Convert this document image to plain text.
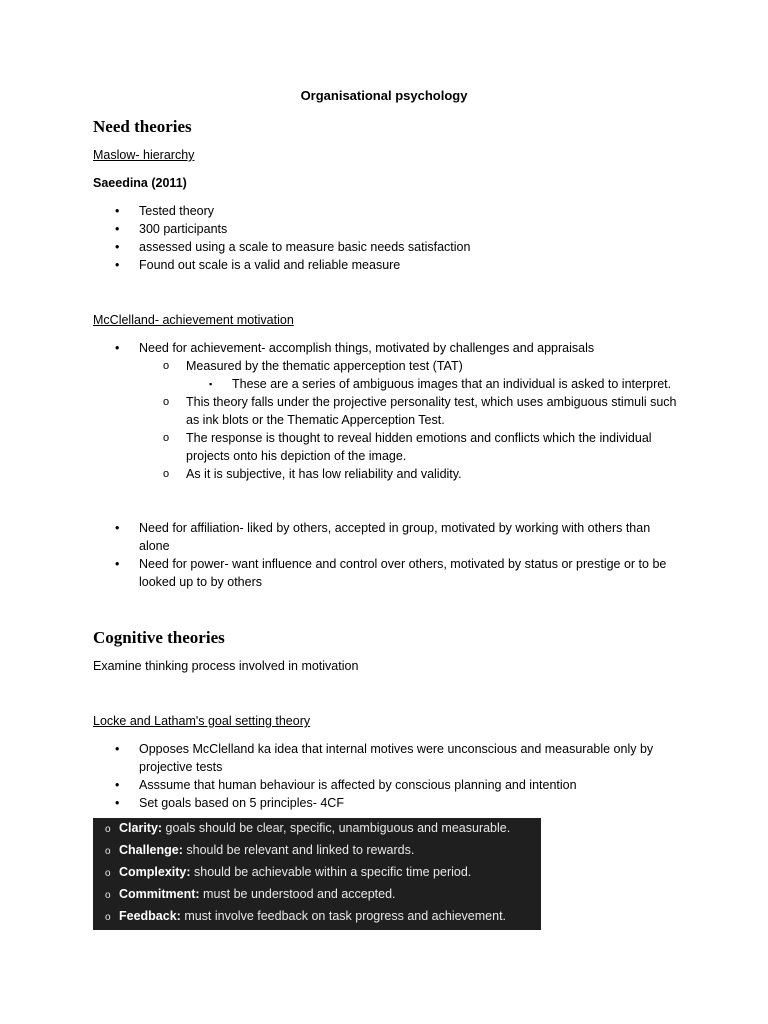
Organisational psychology
Need theories
Maslow- hierarchy
Saeedina (2011)
• Tested theory
• 300 participants
• assessed using a scale to measure basic needs satisfaction
• Found out scale is a valid and reliable measure
McClelland- achievement motivation
• Need for achievement- accomplish things, motivated by challenges and appraisals
o Measured by the thematic apperception test (TAT)
▪ These are a series of ambiguous images that an individual is asked to interpret.
o This theory falls under the projective personality test, which uses ambiguous stimuli such as ink blots or the Thematic Apperception Test.
o The response is thought to reveal hidden emotions and conflicts which the individual projects onto his depiction of the image.
o As it is subjective, it has low reliability and validity.
• Need for affiliation- liked by others, accepted in group, motivated by working with others than alone
• Need for power- want influence and control over others, motivated by status or prestige or to be looked up to by others
Cognitive theories
Examine thinking process involved in motivation
Locke and Latham's goal setting theory
• Opposes McClelland ka idea that internal motives were unconscious and measurable only by projective tests
• Asssume that human behaviour is affected by conscious planning and intention
• Set goals based on 5 principles- 4CF
o Clarity: goals should be clear, specific, unambiguous and measurable.
o Challenge: should be relevant and linked to rewards.
o Complexity: should be achievable within a specific time period.
o Commitment: must be understood and accepted.
o Feedback: must involve feedback on task progress and achievement.
